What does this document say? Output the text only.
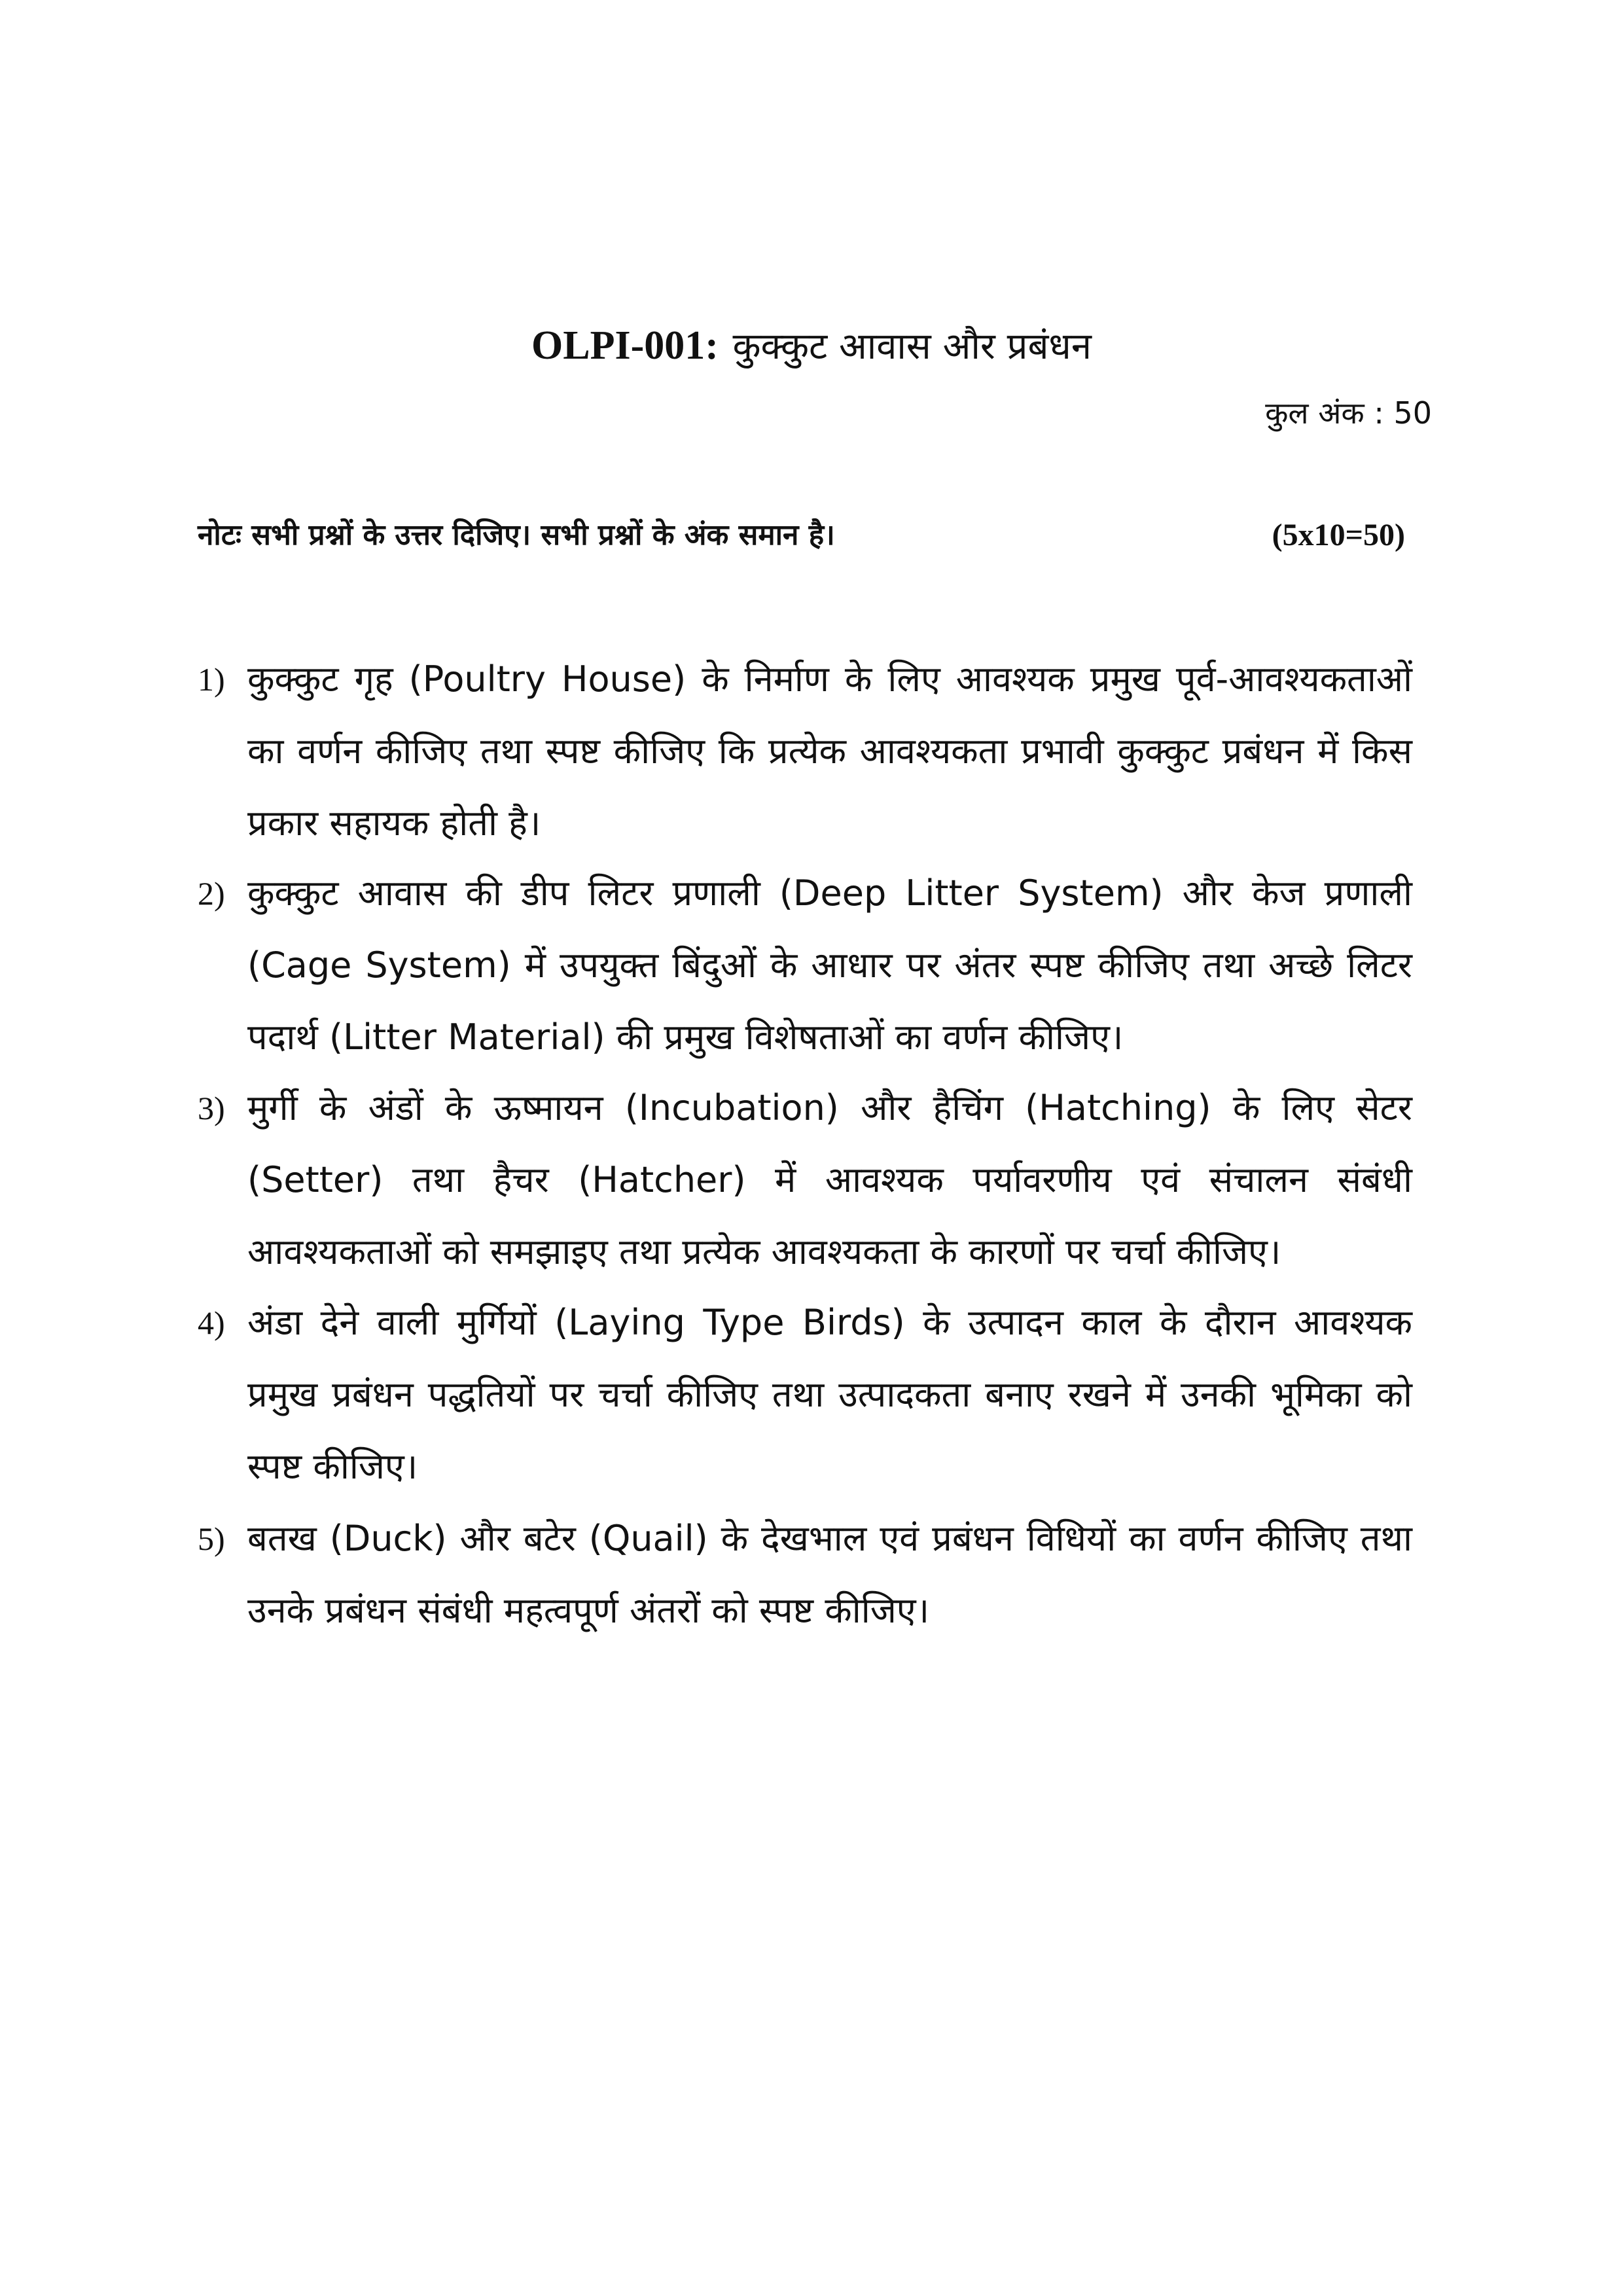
OLPI-001: कुक्कुट आवास और प्रबंधन
कुल अंक : 50
नोटः सभी प्रश्नों के उत्तर दिजिए। सभी प्रश्नों के अंक समान है।	(5x10=50)
1) कुक्कुट गृह (Poultry House) के निर्माण के लिए आवश्यक प्रमुख पूर्व-आवश्यकताओं का वर्णन कीजिए तथा स्पष्ट कीजिए कि प्रत्येक आवश्यकता प्रभावी कुक्कुट प्रबंधन में किस प्रकार सहायक होती है।
2) कुक्कुट आवास की डीप लिटर प्रणाली (Deep Litter System) और केज प्रणाली (Cage System) में उपयुक्त बिंदुओं के आधार पर अंतर स्पष्ट कीजिए तथा अच्छे लिटर पदार्थ (Litter Material) की प्रमुख विशेषताओं का वर्णन कीजिए।
3) मुर्गी के अंडों के ऊष्मायन (Incubation) और हैचिंग (Hatching) के लिए सेटर (Setter) तथा हैचर (Hatcher) में आवश्यक पर्यावरणीय एवं संचालन संबंधी आवश्यकताओं को समझाइए तथा प्रत्येक आवश्यकता के कारणों पर चर्चा कीजिए।
4) अंडा देने वाली मुर्गियों (Laying Type Birds) के उत्पादन काल के दौरान आवश्यक प्रमुख प्रबंधन पद्धतियों पर चर्चा कीजिए तथा उत्पादकता बनाए रखने में उनकी भूमिका को स्पष्ट कीजिए।
5) बतख (Duck) और बटेर (Quail) के देखभाल एवं प्रबंधन विधियों का वर्णन कीजिए तथा उनके प्रबंधन संबंधी महत्वपूर्ण अंतरों को स्पष्ट कीजिए।
